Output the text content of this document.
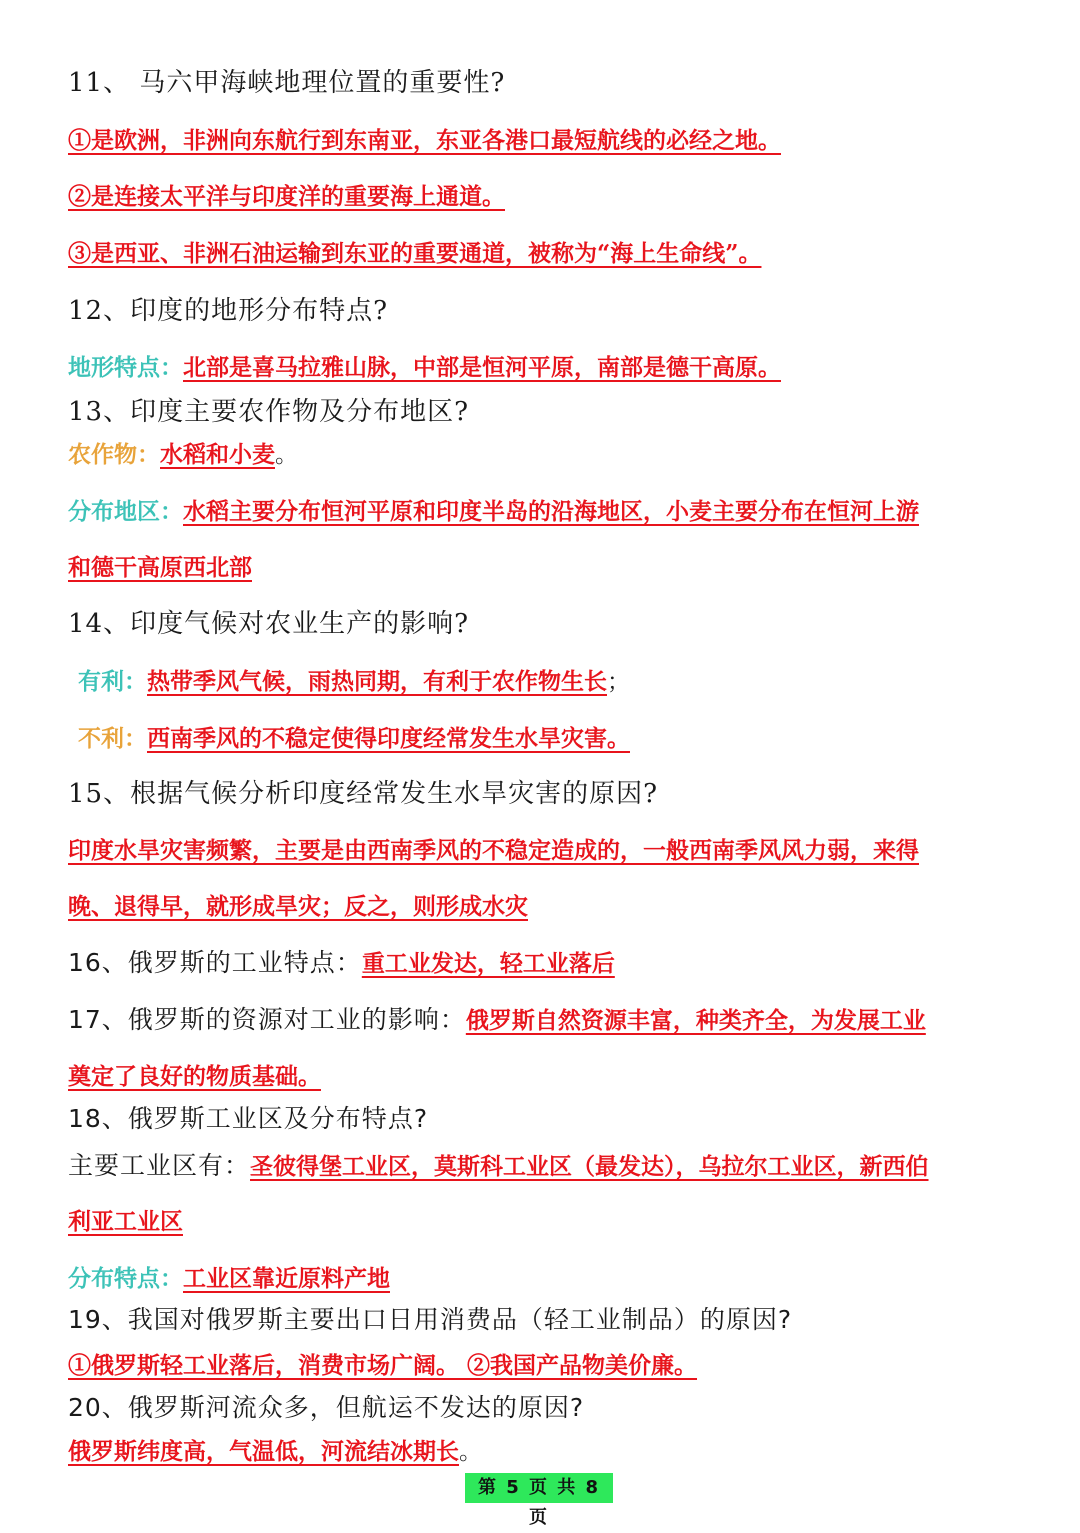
11、 马六甲海峡地理位置的重要性?
①是欧洲，非洲向东航行到东南亚，东亚各港口最短航线的必经之地。
②是连接太平洋与印度洋的重要海上通道。
③是西亚、非洲石油运输到东亚的重要通道，被称为“海上生命线”。
12、印度的地形分布特点?
地形特点：北部是喜马拉雅山脉，中部是恒河平原，南部是德干高原。
13、印度主要农作物及分布地区?
农作物：水稻和小麦。
分布地区：水稻主要分布恒河平原和印度半岛的沿海地区，小麦主要分布在恒河上游
和德干高原西北部
14、印度气候对农业生产的影响?
有利：热带季风气候，雨热同期，有利于农作物生长；
不利：西南季风的不稳定使得印度经常发生水旱灾害。
15、根据气候分析印度经常发生水旱灾害的原因?
印度水旱灾害频繁，主要是由西南季风的不稳定造成的，一般西南季风风力弱，来得
晚、退得早，就形成旱灾；反之，则形成水灾
16、俄罗斯的工业特点：重工业发达，轻工业落后
17、俄罗斯的资源对工业的影响：俄罗斯自然资源丰富，种类齐全，为发展工业
奠定了良好的物质基础。
18、俄罗斯工业区及分布特点?
主要工业区有：圣彼得堡工业区，莫斯科工业区（最发达），乌拉尔工业区，新西伯
利亚工业区
分布特点：工业区靠近原料产地
19、我国对俄罗斯主要出口日用消费品（轻工业制品）的原因?
①俄罗斯轻工业落后，消费市场广阔。 ②我国产品物美价廉。
20、俄罗斯河流众多，但航运不发达的原因?
俄罗斯纬度高，气温低，河流结冰期长。
第 5 页 共 8 页
